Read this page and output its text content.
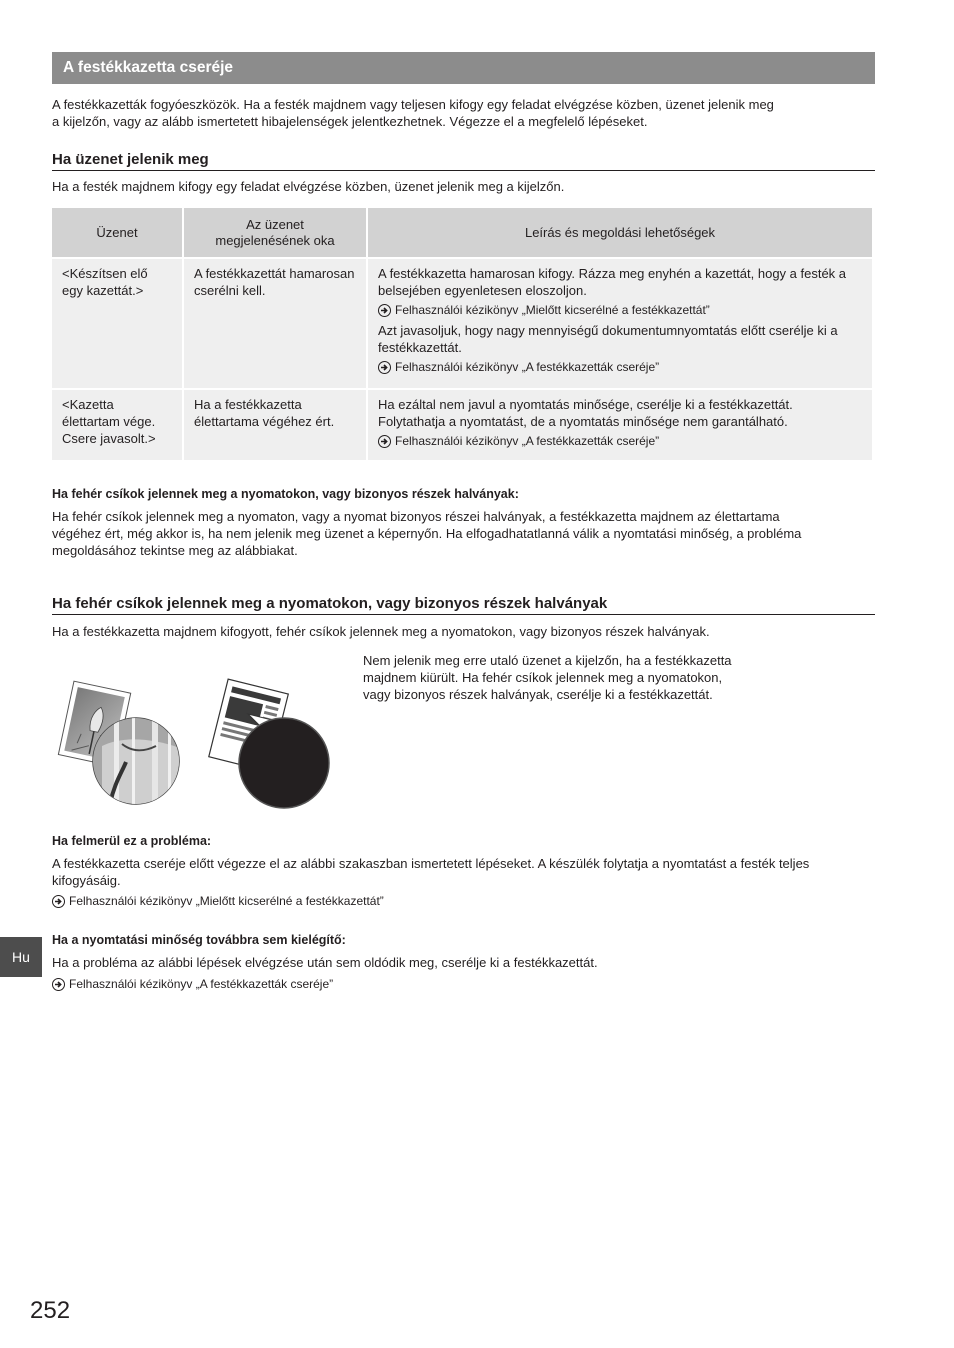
A festékkazetta cseréje
A festékkazetták fogyóeszközök. Ha a festék majdnem vagy teljesen kifogy egy feladat elvégzése közben, üzenet jelenik meg
a kijelzőn, vagy az alább ismertetett hibajelenségek jelentkezhetnek. Végezze el a megfelelő lépéseket.
Ha üzenet jelenik meg
Ha a festék majdnem kifogy egy feladat elvégzése közben, üzenet jelenik meg a kijelzőn.
Üzenet	Az üzenet megjelenésének oka	Leírás és megoldási lehetőségek
<Készítsen elő egy kazettát.>	A festékkazettát hamarosan cserélni kell.	A festékkazetta hamarosan kifogy. Rázza meg enyhén a kazettát, hogy a festék a belsejében egyenletesen eloszoljon.
Felhasználói kézikönyv „Mielőtt kicserélné a festékkazettát”
Azt javasoljuk, hogy nagy mennyiségű dokumentumnyomtatás előtt cserélje ki a festékkazettát.
Felhasználói kézikönyv „A festékkazetták cseréje”

<Kazetta élettartam vége. Csere javasolt.>	Ha a festékkazetta élettartama végéhez ért.	Ha ezáltal nem javul a nyomtatás minősége, cserélje ki a festékkazettát. Folytathatja a nyomtatást, de a nyomtatás minősége nem garantálható.
Felhasználói kézikönyv „A festékkazetták cseréje”
Ha fehér csíkok jelennek meg a nyomatokon, vagy bizonyos részek halványak:
Ha fehér csíkok jelennek meg a nyomaton, vagy a nyomat bizonyos részei halványak, a festékkazetta majdnem az élettartama
végéhez ért, még akkor is, ha nem jelenik meg üzenet a képernyőn. Ha elfogadhatatlanná válik a nyomtatási minőség, a probléma
megoldásához tekintse meg az alábbiakat.
Ha fehér csíkok jelennek meg a nyomatokon, vagy bizonyos részek halványak
Ha a festékkazetta majdnem kifogyott, fehér csíkok jelennek meg a nyomatokon, vagy bizonyos részek halványak.
Nem jelenik meg erre utaló üzenet a kijelzőn, ha a festékkazetta
majdnem kiürült. Ha fehér csíkok jelennek meg a nyomatokon,
vagy bizonyos részek halványak, cserélje ki a festékkazettát.
Ha felmerül ez a probléma:
A festékkazetta cseréje előtt végezze el az alábbi szakaszban ismertetett lépéseket. A készülék folytatja a nyomtatást a festék teljes
kifogyásáig.
Felhasználói kézikönyv „Mielőtt kicserélné a festékkazettát”
Ha a nyomtatási minőség továbbra sem kielégítő:
Ha a probléma az alábbi lépések elvégzése után sem oldódik meg, cserélje ki a festékkazettát.
Felhasználói kézikönyv „A festékkazetták cseréje”
Hu
252
